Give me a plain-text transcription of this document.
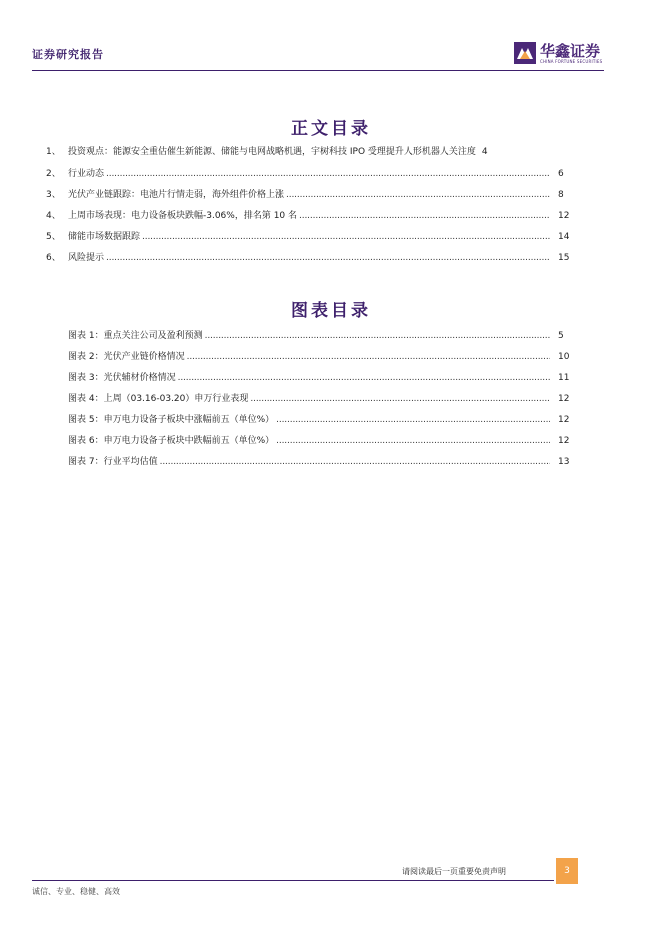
证券研究报告	华鑫证券
CHINA FORTUNE SECURITIES
正文目录
1、 投资观点：能源安全重估催生新能源、储能与电网战略机遇，宇树科技 IPO 受理提升人形机器人关注度 4
2、 行业动态 . . .	6
3、 光伏产业链跟踪：电池片行情走弱，海外组件价格上涨 . . .	8
4、 上周市场表现：电力设备板块跌幅-3.06%，排名第 10 名 . . .	12
5、 储能市场数据跟踪 . . .	14
6、 风险提示 . . .	15
图表目录
图表 1：重点关注公司及盈利预测 . . .	5
图表 2：光伏产业链价格情况 . . .	10
图表 3：光伏辅材价格情况 . . .	11
图表 4：上周（03.16-03.20）申万行业表现 . . .	12
图表 5：申万电力设备子板块中涨幅前五（单位%） . . .	12
图表 6：申万电力设备子板块中跌幅前五（单位%） . . .	12
图表 7：行业平均估值 . . .	13
请阅读最后一页重要免责声明	3
诚信、专业、稳健、高效
